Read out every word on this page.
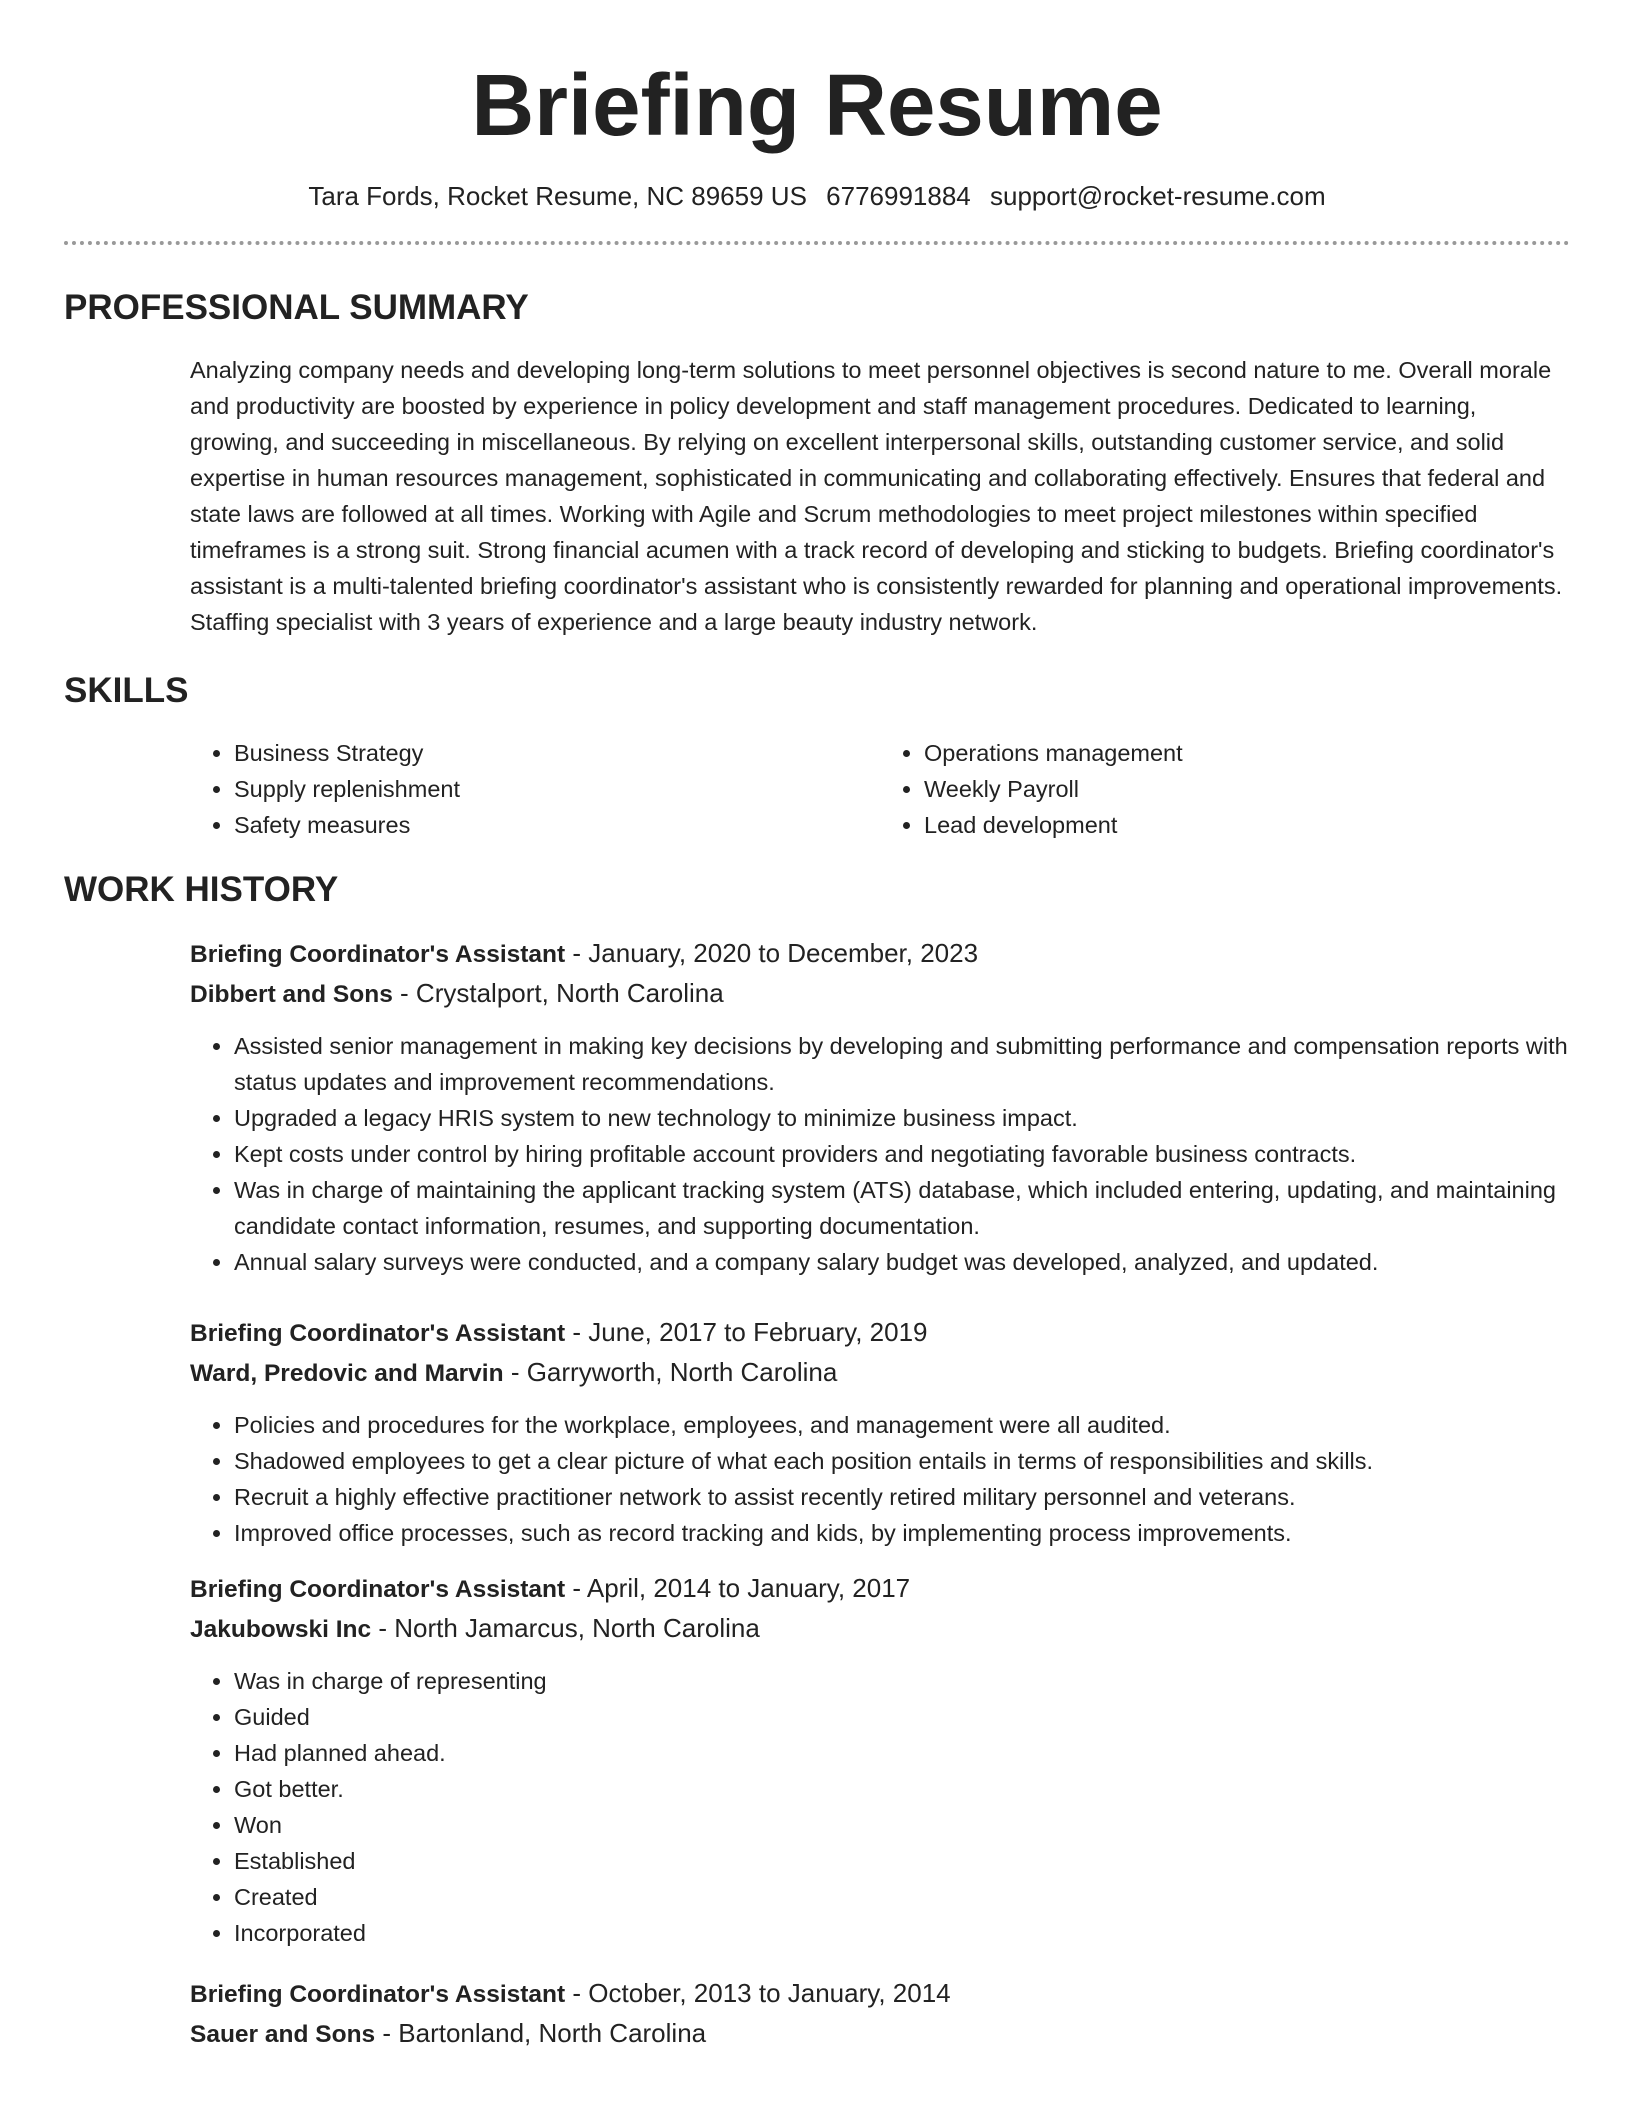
Briefing Resume
Tara Fords, Rocket Resume, NC 89659 US 6776991884 support@rocket-resume.com
PROFESSIONAL SUMMARY

Analyzing company needs and developing long-term solutions to meet personnel objectives is second nature to me. Overall morale and productivity are boosted by experience in policy development and staff management procedures. Dedicated to learning, growing, and succeeding in miscellaneous. By relying on excellent interpersonal skills, outstanding customer service, and solid expertise in human resources management, sophisticated in communicating and collaborating effectively. Ensures that federal and state laws are followed at all times. Working with Agile and Scrum methodologies to meet project milestones within specified timeframes is a strong suit. Strong financial acumen with a track record of developing and sticking to budgets. Briefing coordinator's assistant is a multi-talented briefing coordinator's assistant who is consistently rewarded for planning and operational improvements. Staffing specialist with 3 years of experience and a large beauty industry network.

SKILLS
• Business Strategy
• Supply replenishment
• Safety measures
• Operations management
• Weekly Payroll
• Lead development
WORK HISTORY
Briefing Coordinator's Assistant - January, 2020 to December, 2023
Dibbert and Sons - Crystalport, North Carolina
• Assisted senior management in making key decisions by developing and submitting performance and compensation reports with status updates and improvement recommendations.
• Upgraded a legacy HRIS system to new technology to minimize business impact.
• Kept costs under control by hiring profitable account providers and negotiating favorable business contracts.
• Was in charge of maintaining the applicant tracking system (ATS) database, which included entering, updating, and maintaining candidate contact information, resumes, and supporting documentation.
• Annual salary surveys were conducted, and a company salary budget was developed, analyzed, and updated.
Briefing Coordinator's Assistant - June, 2017 to February, 2019
Ward, Predovic and Marvin - Garryworth, North Carolina
• Policies and procedures for the workplace, employees, and management were all audited.
• Shadowed employees to get a clear picture of what each position entails in terms of responsibilities and skills.
• Recruit a highly effective practitioner network to assist recently retired military personnel and veterans.
• Improved office processes, such as record tracking and kids, by implementing process improvements.
Briefing Coordinator's Assistant - April, 2014 to January, 2017
Jakubowski Inc - North Jamarcus, North Carolina
• Was in charge of representing
• Guided
• Had planned ahead.
• Got better.
• Won
• Established
• Created
• Incorporated
Briefing Coordinator's Assistant - October, 2013 to January, 2014
Sauer and Sons - Bartonland, North Carolina
